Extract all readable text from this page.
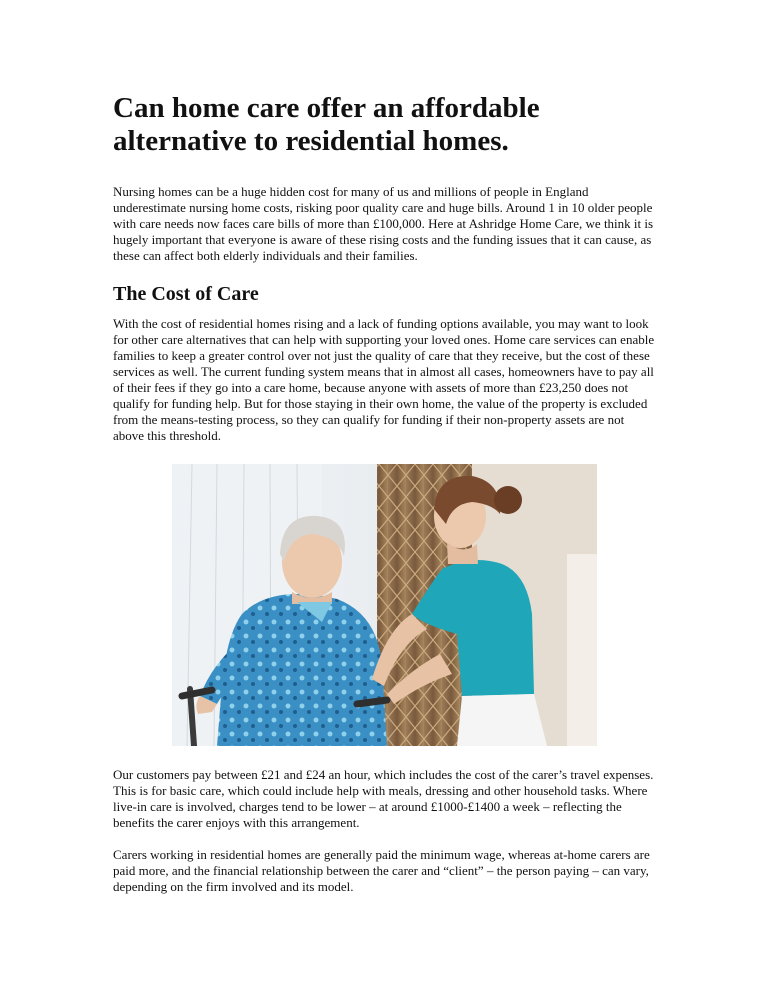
Can home care offer an affordable alternative to residential homes.

Nursing homes can be a huge hidden cost for many of us and millions of people in England underestimate nursing home costs, risking poor quality care and huge bills. Around 1 in 10 older people with care needs now faces care bills of more than £100,000. Here at Ashridge Home Care, we think it is hugely important that everyone is aware of these rising costs and the funding issues that it can cause, as these can affect both elderly individuals and their families.

The Cost of Care

With the cost of residential homes rising and a lack of funding options available, you may want to look for other care alternatives that can help with supporting your loved ones. Home care services can enable families to keep a greater control over not just the quality of care that they receive, but the cost of these services as well. The current funding system means that in almost all cases, homeowners have to pay all of their fees if they go into a care home, because anyone with assets of more than £23,250 does not qualify for funding help. But for those staying in their own home, the value of the property is excluded from the means-testing process, so they can qualify for funding if their non-property assets are not above this threshold.

Our customers pay between £21 and £24 an hour, which includes the cost of the carer’s travel expenses. This is for basic care, which could include help with meals, dressing and other household tasks. Where live-in care is involved, charges tend to be lower – at around £1000-£1400 a week – reflecting the benefits the carer enjoys with this arrangement.

Carers working in residential homes are generally paid the minimum wage, whereas at-home carers are paid more, and the financial relationship between the carer and “client” – the person paying – can vary, depending on the firm involved and its model.
